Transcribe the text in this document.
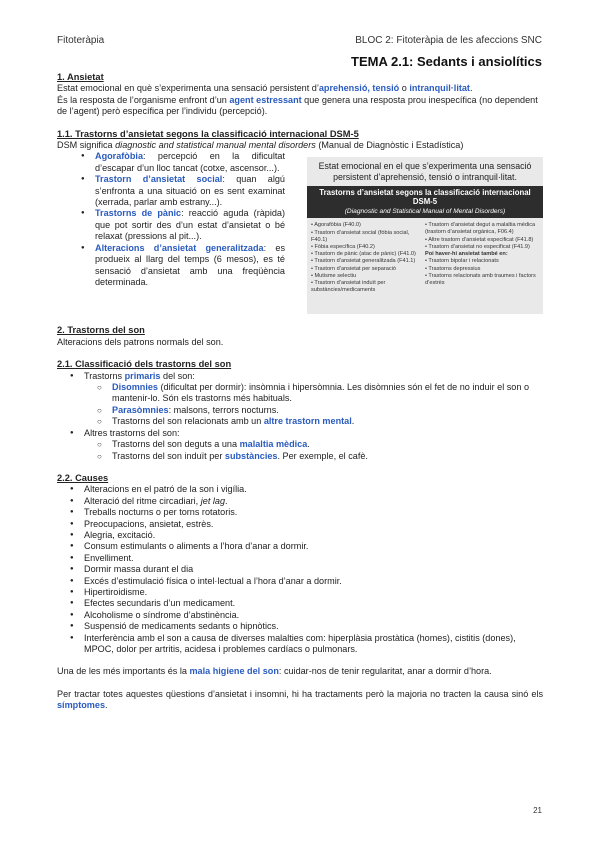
Fitoteràpia	BLOC 2: Fitoteràpia de les afeccions SNC
TEMA 2.1: Sedants i ansiolítics

1. Ansietat

Estat emocional en què s’experimenta una sensació persistent d’aprehensió, tensió o intranquil·litat.

És la resposta de l’organisme enfront d’un agent estressant que genera una resposta prou inespecífica (no dependent de l’agent) però específica per l’individu (percepció).

1.1. Trastorns d’ansietat segons la classificació internacional DSM-5

DSM significa diagnostic and statistical manual mental disorders (Manual de Diagnòstic i Estadística)

● Agorafòbia: percepció en la dificultat d’escapar d’un lloc tancat (cotxe, ascensor...).
● Trastorn d’ansietat social: quan algú s’enfronta a una situació on es sent examinat (xerrada, parlar amb estrany...).
● Trastorns de pànic: reacció aguda (ràpida) que pot sortir des d’un estat d’ansietat o bé relaxat (pressions al pit...).
● Alteracions d’ansietat generalitzada: es produeix al llarg del temps (6 mesos), es té sensació d’ansietat amb una freqüència determinada.
Estat emocional en el que s’experimenta una sensació persistent d’aprehensió, tensió o intranquil·litat.
Trastorns d’ansietat segons la classificació internacional DSM-5
(Diagnostic and Statistical Manual of Mental Disorders)
• Agorafòbia (F40.0)
• Trastorn d’ansietat social (fòbia social, F40.1)
• Fòbia específica (F40.2)
• Trastorn de pànic (atac de pànic) (F41.0)
• Trastorn d’ansietat generalitzada (F41.1)
• Trastorn d’ansietat per separació
• Mutisme selectiu
• Trastorn d’ansietat induït per substàncies/medicaments
• Trastorn d’ansietat degut a malaltia mèdica (trastorn d’ansietat orgànica, F06.4)
• Altre trastorn d’ansietat especificat (F41.8)
• Trastorn d’ansietat no especificat (F41.9)
Poi haver-hi ansietat també en:
• Trastorn bipolar i relacionats
• Trastorns depressius
• Trastorns relacionats amb traumes i factors d’estrès

2. Trastorns del son

Alteracions dels patrons normals del son.

2.1. Classificació dels trastorns del son

● Trastorns primaris del son:
○ Disomnies (dificultat per dormir): insòmnia i hipersòmnia. Les disòmnies són el fet de no induir el son o mantenir-lo. Són els trastorns més habituals.
○ Parasòmnies: malsons, terrors nocturns.
○ Trastorns del son relacionats amb un altre trastorn mental.
● Altres trastorns del son:
○ Trastorns del son deguts a una malaltia mèdica.
○ Trastorns del son induït per substàncies. Per exemple, el cafè.

2.2. Causes

● Alteracions en el patró de la son i vigília.
● Alteració del ritme circadiari, jet lag.
● Treballs nocturns o per torns rotatoris.
● Preocupacions, ansietat, estrès.
● Alegria, excitació.
● Consum estimulants o aliments a l’hora d’anar a dormir.
● Envelliment.
● Dormir massa durant el dia
● Excés d’estimulació física o intel·lectual a l’hora d’anar a dormir.
● Hipertiroidisme.
● Efectes secundaris d’un medicament.
● Alcoholisme o síndrome d’abstinència.
● Suspensió de medicaments sedants o hipnòtics.
● Interferència amb el son a causa de diverses malalties com: hiperplàsia prostàtica (homes), cistitis (dones), MPOC, dolor per artritis, acidesa i problemes cardíacs o pulmonars.

Una de les més importants és la mala higiene del son: cuidar-nos de tenir regularitat, anar a dormir d’hora.

Per tractar totes aquestes qüestions d’ansietat i insomni, hi ha tractaments però la majoria no tracten la causa sinó els símptomes.

21
